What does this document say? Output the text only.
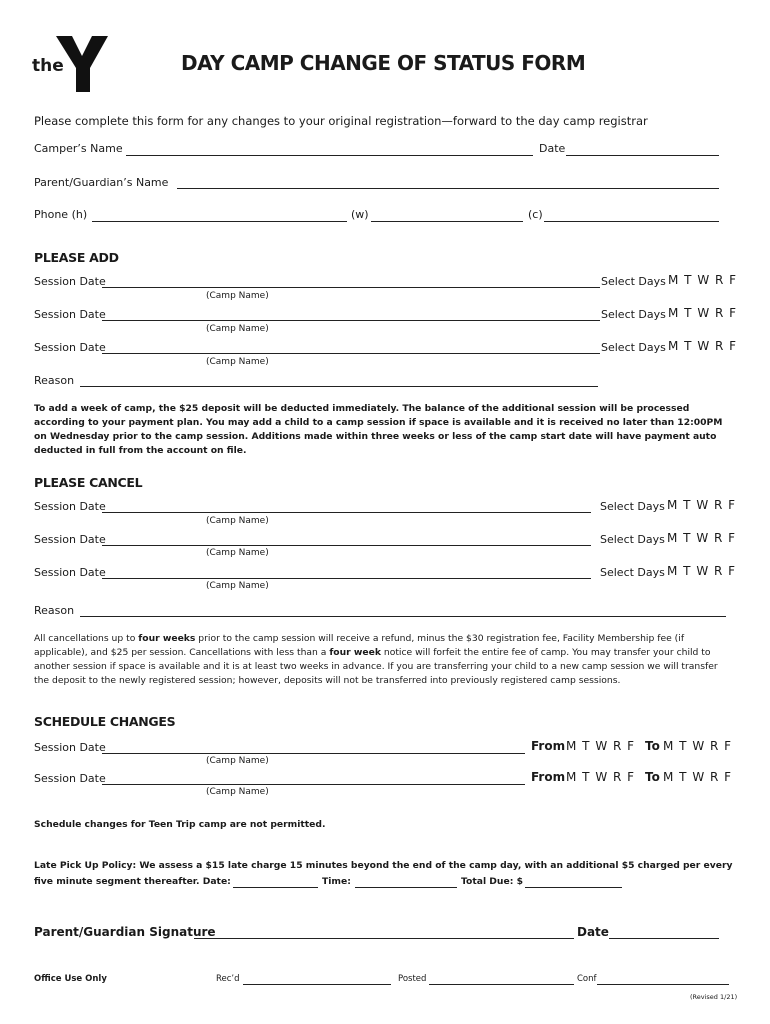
the
YMCA
DAY CAMP CHANGE OF STATUS FORM
Please complete this form for any changes to your original registration—forward to the day camp registrar
Camper’s Name	Date
Parent/Guardian’s Name
Phone (h)	(w)	(c)
PLEASE ADD
Session Date	Select Days M T W R F
(Camp Name)
Session Date	Select Days M T W R F
(Camp Name)
Session Date	Select Days M T W R F
(Camp Name)
Reason
To add a week of camp, the $25 deposit will be deducted immediately. The balance of the additional session will be processed according to your payment plan. You may add a child to a camp session if space is available and it is received no later than 12:00PM on Wednesday prior to the camp session. Additions made within three weeks or less of the camp start date will have payment auto deducted in full from the account on file.
PLEASE CANCEL
Session Date	Select Days M T W R F
(Camp Name)
Session Date	Select Days M T W R F
(Camp Name)
Session Date	Select Days M T W R F
(Camp Name)
Reason
All cancellations up to four weeks prior to the camp session will receive a refund, minus the $30 registration fee, Facility Membership fee (if applicable), and $25 per session. Cancellations with less than a four week notice will forfeit the entire fee of camp. You may transfer your child to another session if space is available and it is at least two weeks in advance. If you are transferring your child to a new camp session we will transfer the deposit to the newly registered session; however, deposits will not be transferred into previously registered camp sessions.
SCHEDULE CHANGES
Session Date	From M T W R F To M T W R F
(Camp Name)
Session Date	From M T W R F To M T W R F
(Camp Name)
Schedule changes for Teen Trip camp are not permitted.
Late Pick Up Policy: We assess a $15 late charge 15 minutes beyond the end of the camp day, with an additional $5 charged per every
five minute segment thereafter. Date:	Time:	Total Due: $
Parent/Guardian Signature	Date
Office Use Only	Rec’d	Posted	Conf
(Revised 1/21)
